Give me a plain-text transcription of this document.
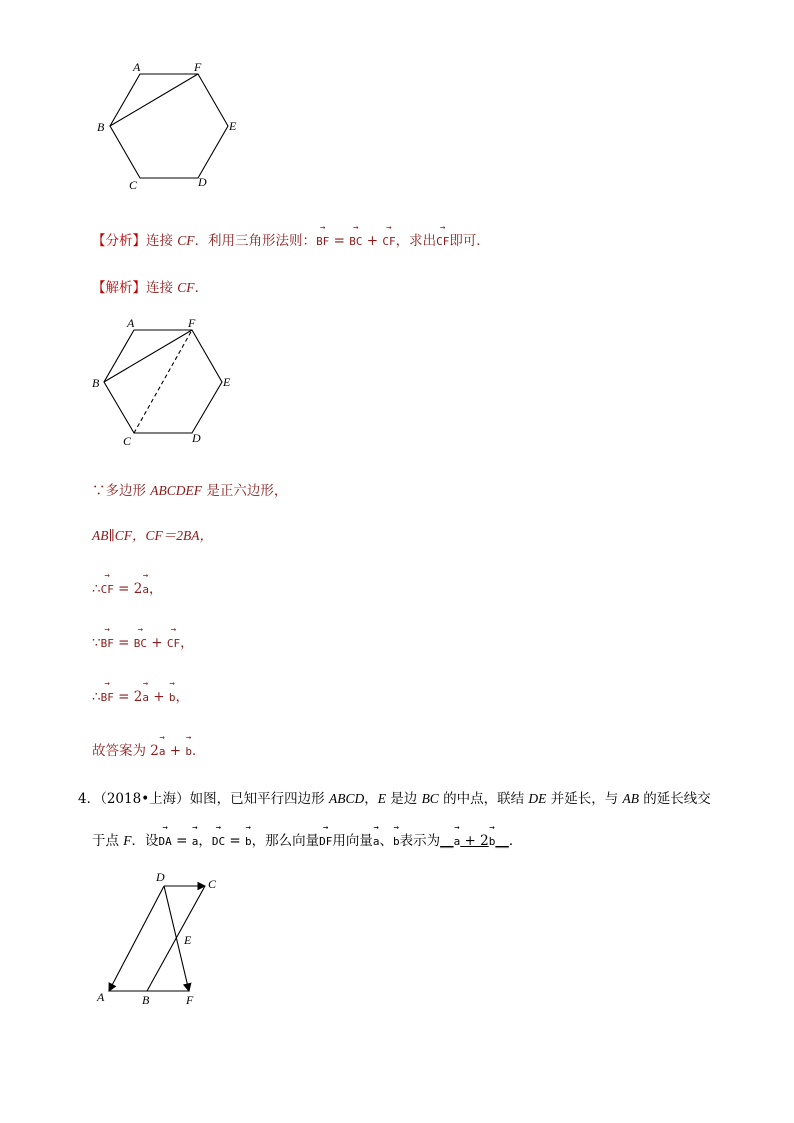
A	F
B	E
C	D
【分析】连接 CF．利用三角形法则：→ BF = → BC + → CF，求出→ CF即可．
【解析】连接 CF．
A	F
B	E
C	D
∵多边形 ABCDEF 是正六边形，
AB∥CF，CF＝2BA，
∴→ CF = 2→ a，
∵→ BF = → BC + → CF，
∴→ BF = 2→ a + → b，
故答案为 2→ a + → b．
4．（2018•上海）如图，已知平行四边形 ABCD，E 是边 BC 的中点，联结 DE 并延长，与 AB 的延长线交
于点 F．设→ DA = → a，→ DC = → b，那么向量→ DF用向量→ a、→ b表示为__→ a + 2→ b__．
D	C
E
A	B	F
